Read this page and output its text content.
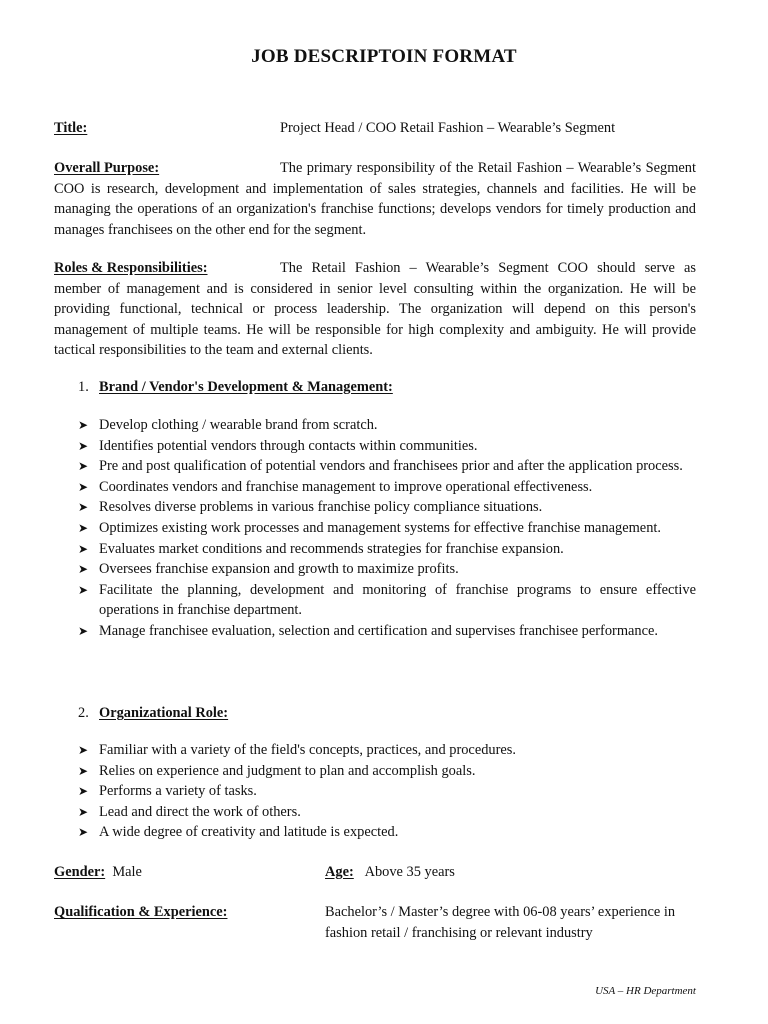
JOB DESCRIPTOIN FORMAT
Title:	Project Head / COO Retail Fashion – Wearable’s Segment
Overall Purpose:	The primary responsibility of the Retail Fashion – Wearable’s Segment COO is research, development and implementation of sales strategies, channels and facilities. He will be managing the operations of an organization's franchise functions; develops vendors for timely production and manages franchisees on the other end for the segment.
Roles & Responsibilities:	The Retail Fashion – Wearable’s Segment COO should serve as member of management and is considered in senior level consulting within the organization. He will be providing functional, technical or process leadership. The organization will depend on this person's management of multiple teams. He will be responsible for high complexity and ambiguity. He will provide tactical responsibilities to the team and external clients.
1. Brand / Vendor's Development & Management:
➤ Develop clothing / wearable brand from scratch.
➤ Identifies potential vendors through contacts within communities.
➤ Pre and post qualification of potential vendors and franchisees prior and after the application process.
➤ Coordinates vendors and franchise management to improve operational effectiveness.
➤ Resolves diverse problems in various franchise policy compliance situations.
➤ Optimizes existing work processes and management systems for effective franchise management.
➤ Evaluates market conditions and recommends strategies for franchise expansion.
➤ Oversees franchise expansion and growth to maximize profits.
➤ Facilitate the planning, development and monitoring of franchise programs to ensure effective operations in franchise department.
➤ Manage franchisee evaluation, selection and certification and supervises franchisee performance.
2. Organizational Role:
➤ Familiar with a variety of the field's concepts, practices, and procedures.
➤ Relies on experience and judgment to plan and accomplish goals.
➤ Performs a variety of tasks.
➤ Lead and direct the work of others.
➤ A wide degree of creativity and latitude is expected.
Gender: Male	Age: Above 35 years
Qualification & Experience:	Bachelor’s / Master’s degree with 06-08 years’ experience in
fashion retail / franchising or relevant industry
USA – HR Department
